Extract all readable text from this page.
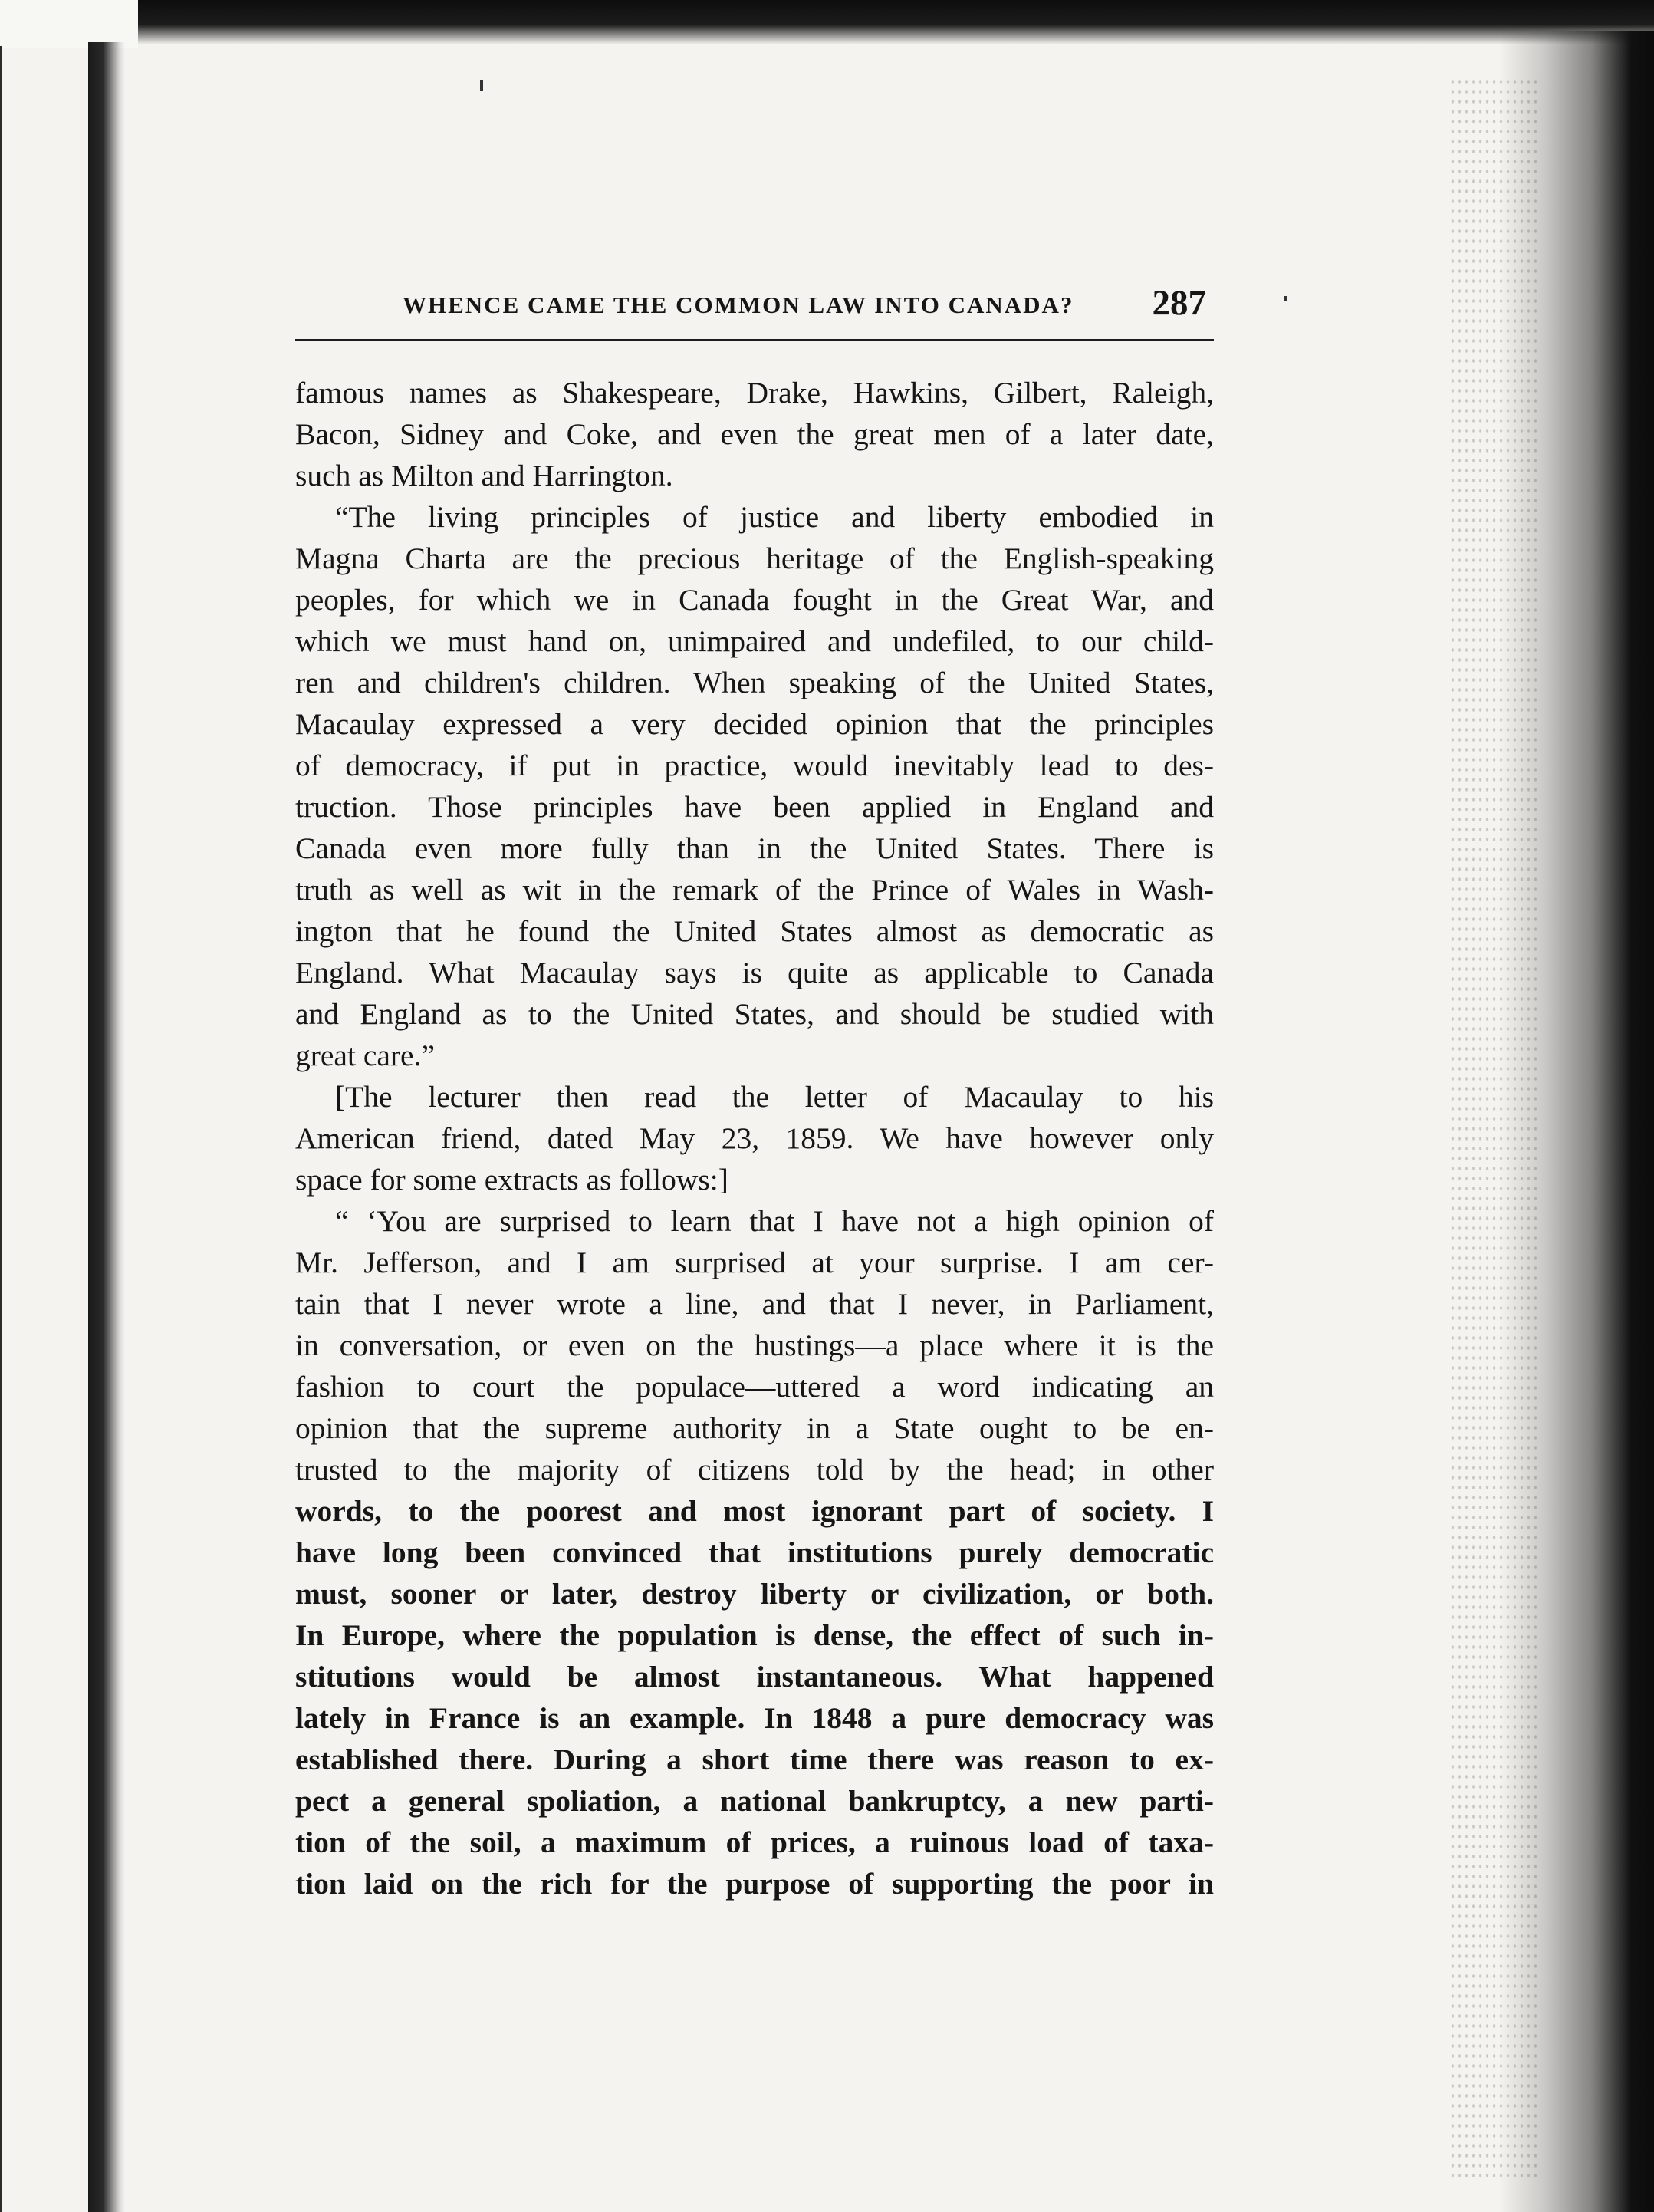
WHENCE CAME THE COMMON LAW INTO CANADA? 287
famous names as Shakespeare, Drake, Hawkins, Gilbert, Raleigh,
Bacon, Sidney and Coke, and even the great men of a later date,
such as Milton and Harrington.
“The living principles of justice and liberty embodied in
Magna Charta are the precious heritage of the English-speaking
peoples, for which we in Canada fought in the Great War, and
which we must hand on, unimpaired and undefiled, to our child-
ren and children's children. When speaking of the United States,
Macaulay expressed a very decided opinion that the principles
of democracy, if put in practice, would inevitably lead to des-
truction. Those principles have been applied in England and
Canada even more fully than in the United States. There is
truth as well as wit in the remark of the Prince of Wales in Wash-
ington that he found the United States almost as democratic as
England. What Macaulay says is quite as applicable to Canada
and England as to the United States, and should be studied with
great care.”
[The lecturer then read the letter of Macaulay to his
American friend, dated May 23, 1859. We have however only
space for some extracts as follows:]
“ ‘You are surprised to learn that I have not a high opinion of
Mr. Jefferson, and I am surprised at your surprise. I am cer-
tain that I never wrote a line, and that I never, in Parliament,
in conversation, or even on the hustings—a place where it is the
fashion to court the populace—uttered a word indicating an
opinion that the supreme authority in a State ought to be en-
trusted to the majority of citizens told by the head; in other
words, to the poorest and most ignorant part of society. I
have long been convinced that institutions purely democratic
must, sooner or later, destroy liberty or civilization, or both.
In Europe, where the population is dense, the effect of such in-
stitutions would be almost instantaneous. What happened
lately in France is an example. In 1848 a pure democracy was
established there. During a short time there was reason to ex-
pect a general spoliation, a national bankruptcy, a new parti-
tion of the soil, a maximum of prices, a ruinous load of taxa-
tion laid on the rich for the purpose of supporting the poor in
